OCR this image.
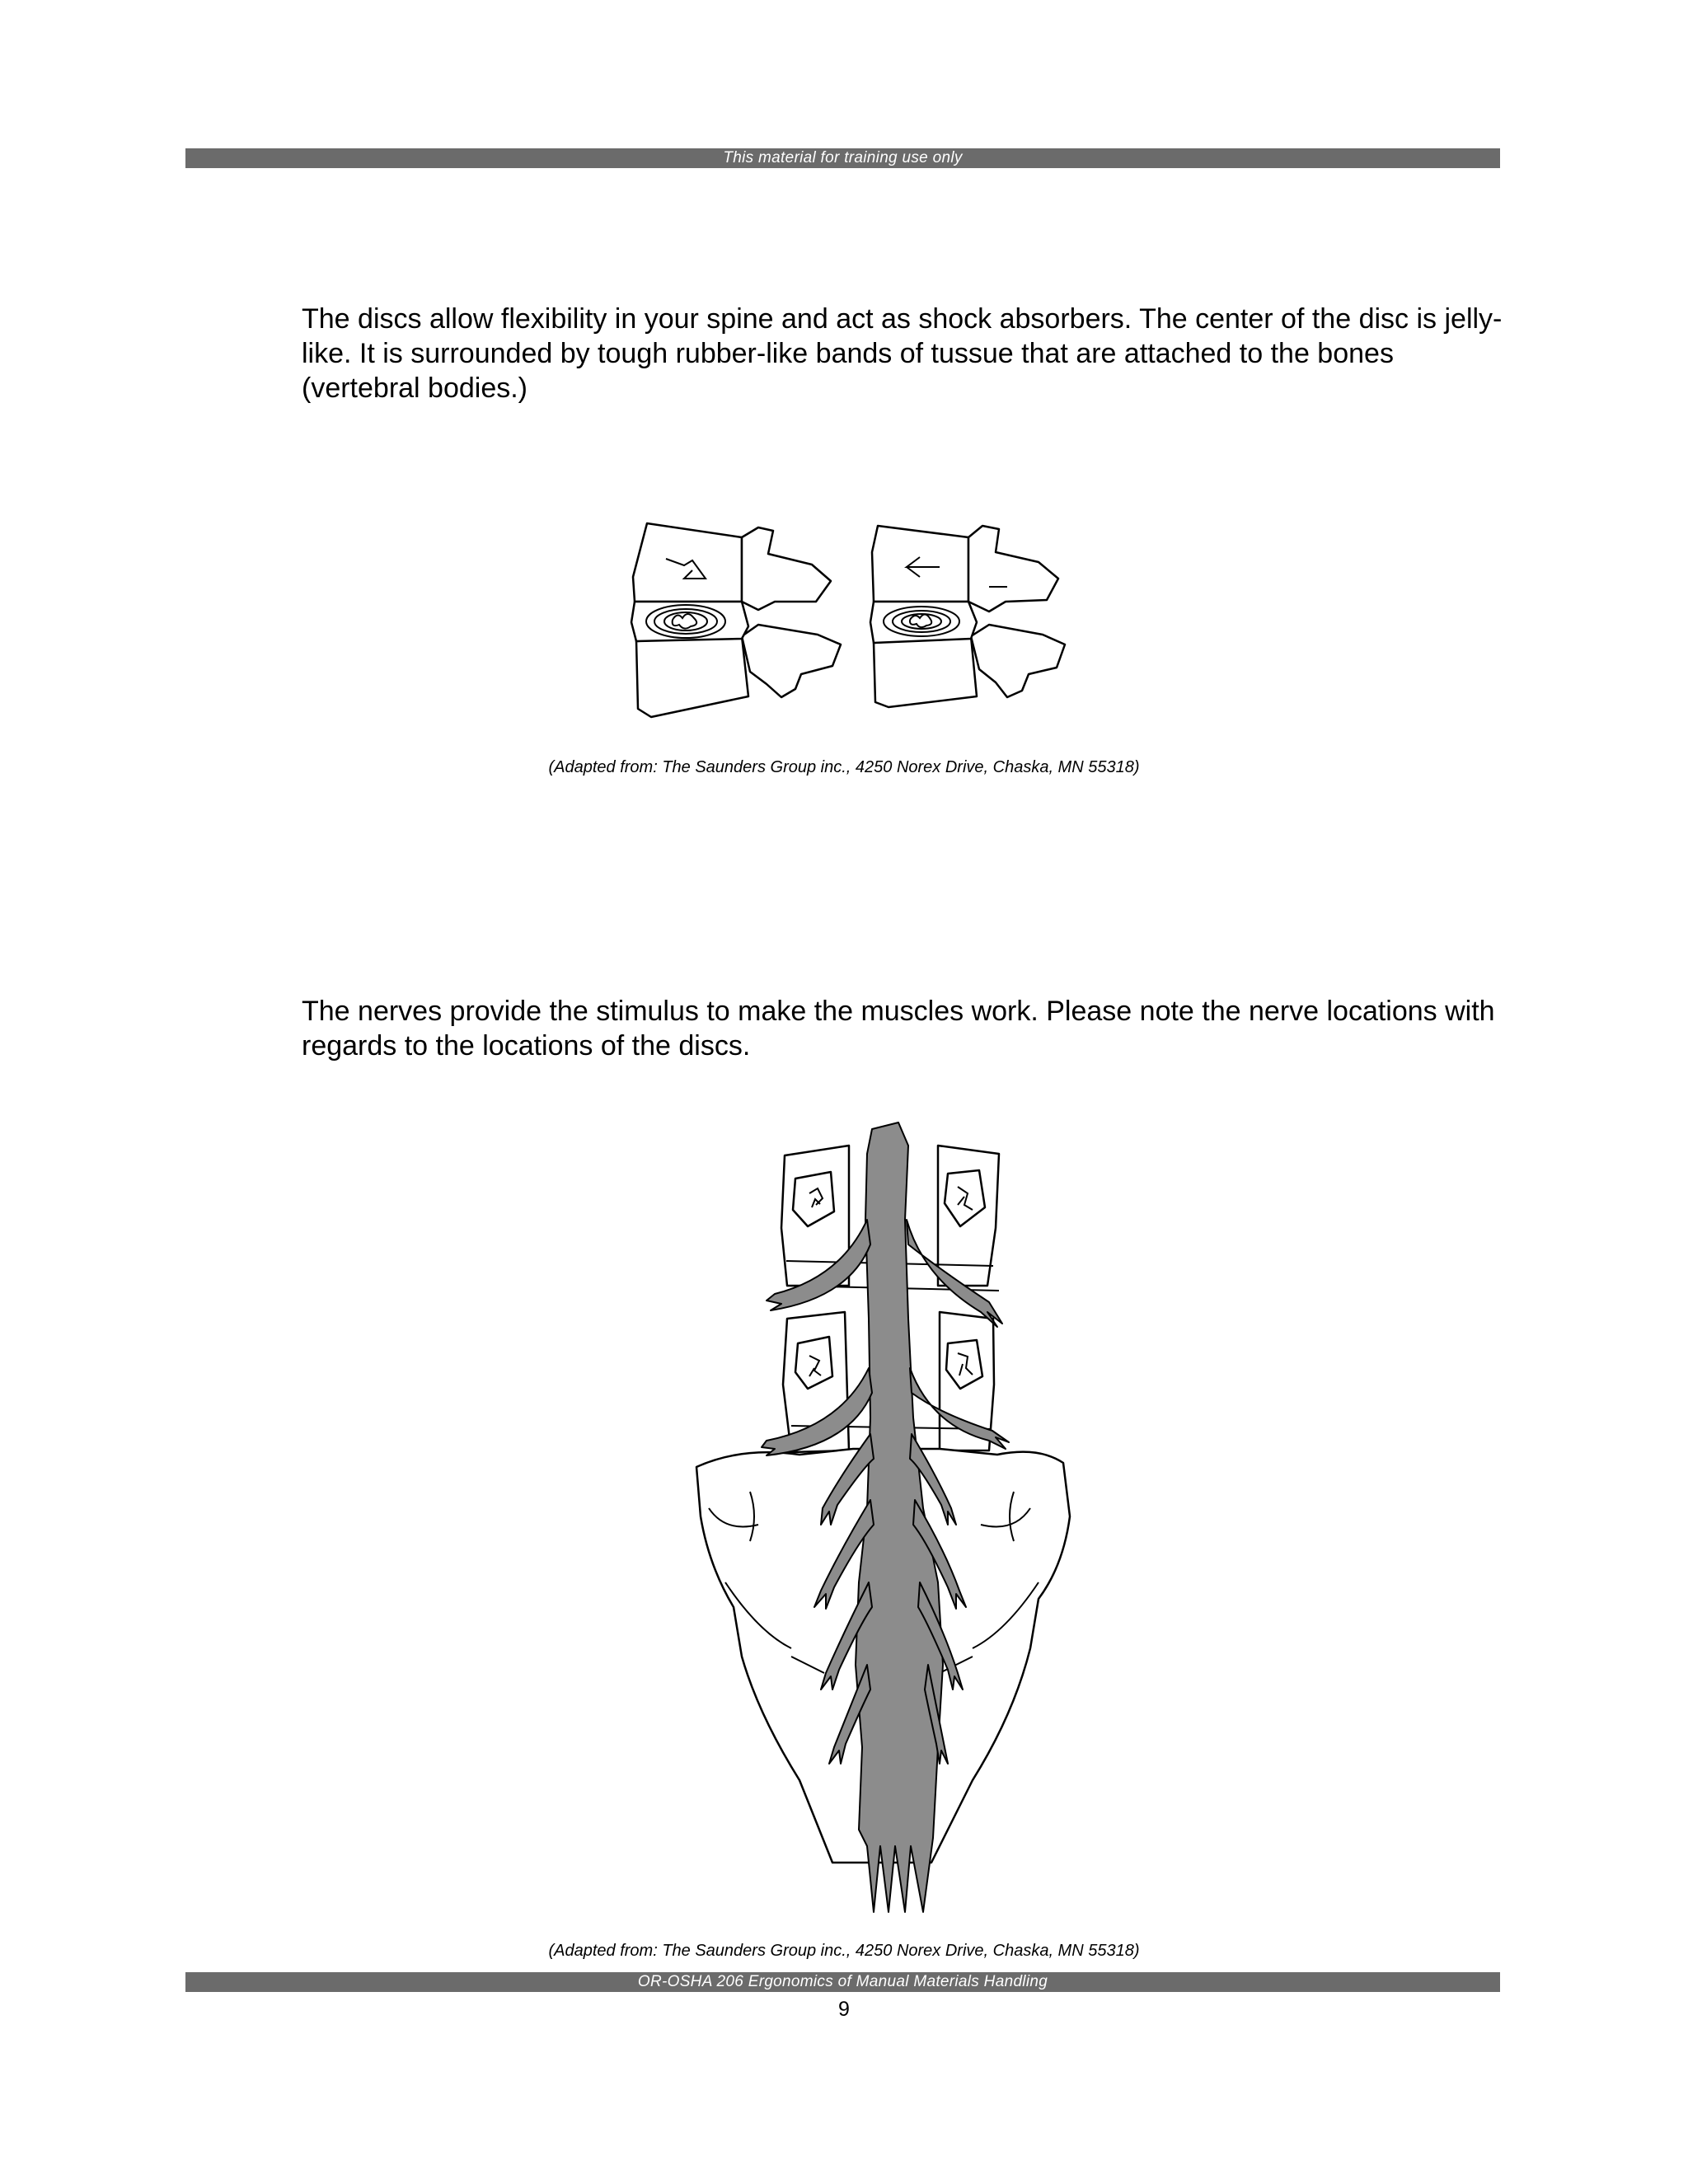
This material for training use only

The discs allow flexibility in your spine and act as shock absorbers. The center of the disc is jelly-like. It is surrounded by tough rubber-like bands of tussue that are attached to the bones (vertebral bodies.)

(Adapted from: The Saunders Group inc., 4250 Norex Drive, Chaska, MN 55318)

The nerves provide the stimulus to make the muscles work. Please note the nerve locations with regards to the locations of the discs.

(Adapted from: The Saunders Group inc., 4250 Norex Drive, Chaska, MN 55318)
OR-OSHA 206 Ergonomics of Manual Materials Handling
9
